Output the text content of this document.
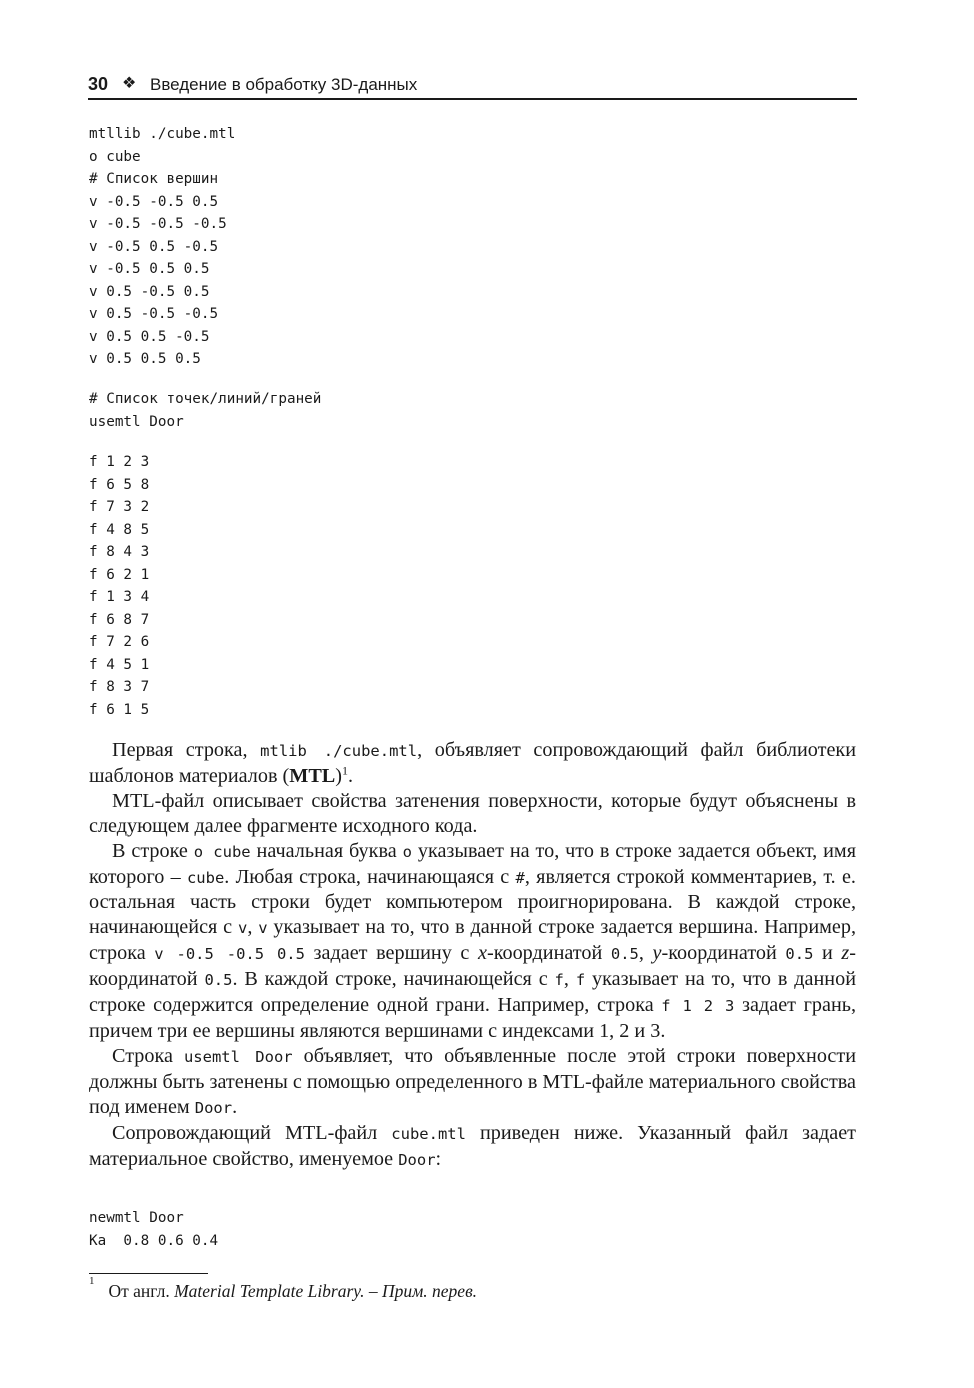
30 ❖ Введение в обработку 3D-данных
mtllib ./cube.mtl
o cube
# Список вершин
v -0.5 -0.5 0.5
v -0.5 -0.5 -0.5
v -0.5 0.5 -0.5
v -0.5 0.5 0.5
v 0.5 -0.5 0.5
v 0.5 -0.5 -0.5
v 0.5 0.5 -0.5
v 0.5 0.5 0.5
# Список точек/линий/граней
usemtl Door
f 1 2 3
f 6 5 8
f 7 3 2
f 4 8 5
f 8 4 3
f 6 2 1
f 1 3 4
f 6 8 7
f 7 2 6
f 4 5 1
f 8 3 7
f 6 1 5

Первая строка, mtlib ./cube.mtl, объявляет сопровождающий файл библиотеки шаблонов материалов (MTL)$^1$.

MTL-файл описывает свойства затенения поверхности, которые будут объяснены в следующем далее фрагменте исходного кода.

В строке o cube начальная буква o указывает на то, что в строке задается объект, имя которого – cube. Любая строка, начинающаяся с #, является строкой комментариев, т. е. остальная часть строки будет компьютером проигнорирована. В каждой строке, начинающейся с v, v указывает на то, что в данной строке задается вершина. Например, строка v -0.5 -0.5 0.5 задает вершину с x-координатой 0.5, y-координатой 0.5 и z-координатой 0.5. В каждой строке, начинающейся с f, f указывает на то, что в данной строке содержится определение одной грани. Например, строка f 1 2 3 задает грань, причем три ее вершины являются вершинами с индексами 1, 2 и 3.

Строка usemtl Door объявляет, что объявленные после этой строки поверхности должны быть затенены с помощью определенного в MTL-файле материального свойства под именем Door.

Сопровождающий MTL-файл cube.mtl приведен ниже. Указанный файл задает материальное свойство, именуемое Door:

newmtl Door
Ka  0.8 0.6 0.4
$^1$ От англ. Material Template Library. – Прим. перев.
